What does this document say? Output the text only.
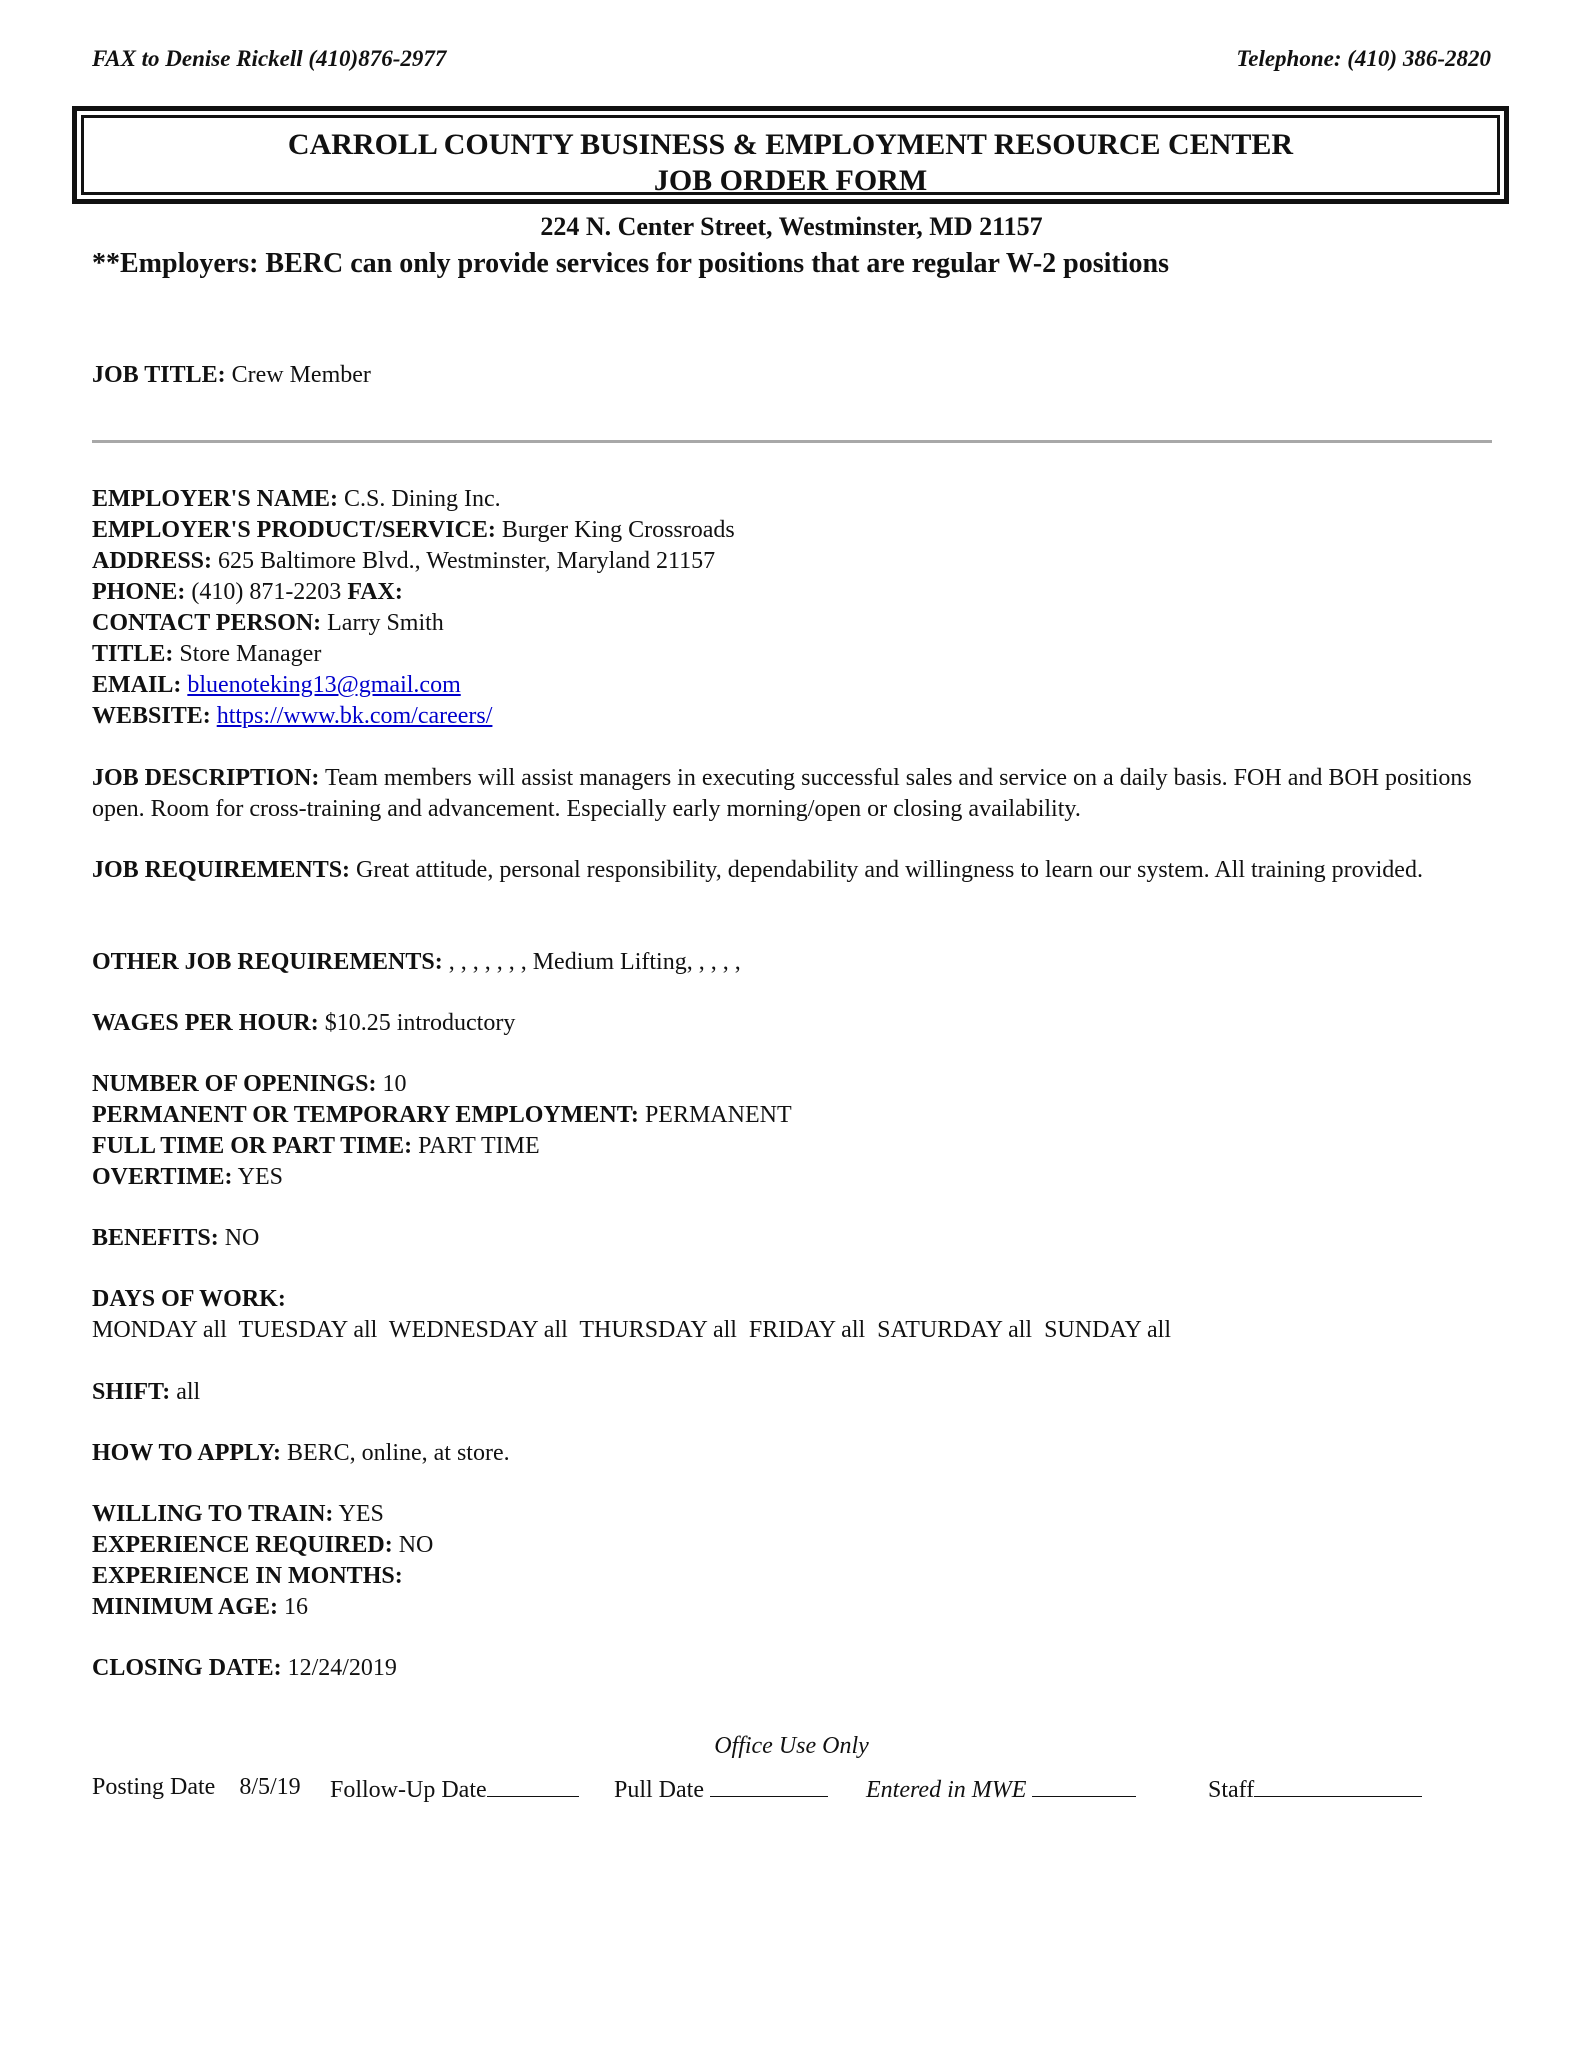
FAX to Denise Rickell (410)876-2977	Telephone: (410) 386-2820
CARROLL COUNTY BUSINESS & EMPLOYMENT RESOURCE CENTER
JOB ORDER FORM
224 N. Center Street, Westminster, MD 21157
**Employers: BERC can only provide services for positions that are regular W-2 positions
JOB TITLE: Crew Member
EMPLOYER'S NAME: C.S. Dining Inc.
EMPLOYER'S PRODUCT/SERVICE: Burger King Crossroads
ADDRESS: 625 Baltimore Blvd., Westminster, Maryland 21157
PHONE: (410) 871-2203 FAX:
CONTACT PERSON: Larry Smith
TITLE: Store Manager
EMAIL: bluenoteking13@gmail.com
WEBSITE: https://www.bk.com/careers/
JOB DESCRIPTION: Team members will assist managers in executing successful sales and service on a daily basis. FOH and BOH positions open. Room for cross-training and advancement. Especially early morning/open or closing availability.
JOB REQUIREMENTS: Great attitude, personal responsibility, dependability and willingness to learn our system. All training provided.
OTHER JOB REQUIREMENTS: , , , , , , , Medium Lifting, , , , ,
WAGES PER HOUR: $10.25 introductory
NUMBER OF OPENINGS: 10
PERMANENT OR TEMPORARY EMPLOYMENT: PERMANENT
FULL TIME OR PART TIME: PART TIME
OVERTIME: YES
BENEFITS: NO
DAYS OF WORK:
MONDAY all  TUESDAY all  WEDNESDAY all  THURSDAY all  FRIDAY all  SATURDAY all  SUNDAY all
SHIFT: all
HOW TO APPLY: BERC, online, at store.
WILLING TO TRAIN: YES
EXPERIENCE REQUIRED: NO
EXPERIENCE IN MONTHS:
MINIMUM AGE: 16
CLOSING DATE: 12/24/2019
Office Use Only
Posting Date 8/5/19 Follow-Up Date	Pull Date	Entered in MWE	Staff
